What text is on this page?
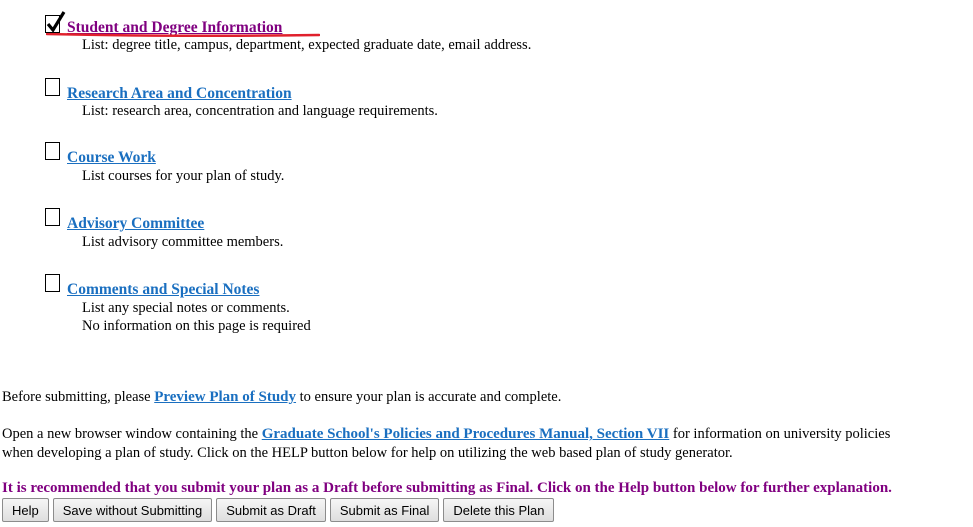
Student and Degree Information
List: degree title, campus, department, expected graduate date, email address.
Research Area and Concentration
List: research area, concentration and language requirements.
Course Work
List courses for your plan of study.
Advisory Committee
List advisory committee members.
Comments and Special Notes
List any special notes or comments.
No information on this page is required
Before submitting, please Preview Plan of Study to ensure your plan is accurate and complete.
Open a new browser window containing the Graduate School's Policies and Procedures Manual, Section VII for information on university policies
when developing a plan of study. Click on the HELP button below for help on utilizing the web based plan of study generator.
It is recommended that you submit your plan as a Draft before submitting as Final. Click on the Help button below for further explanation.
Help	Save without Submitting	Submit as Draft	Submit as Final	Delete this Plan
